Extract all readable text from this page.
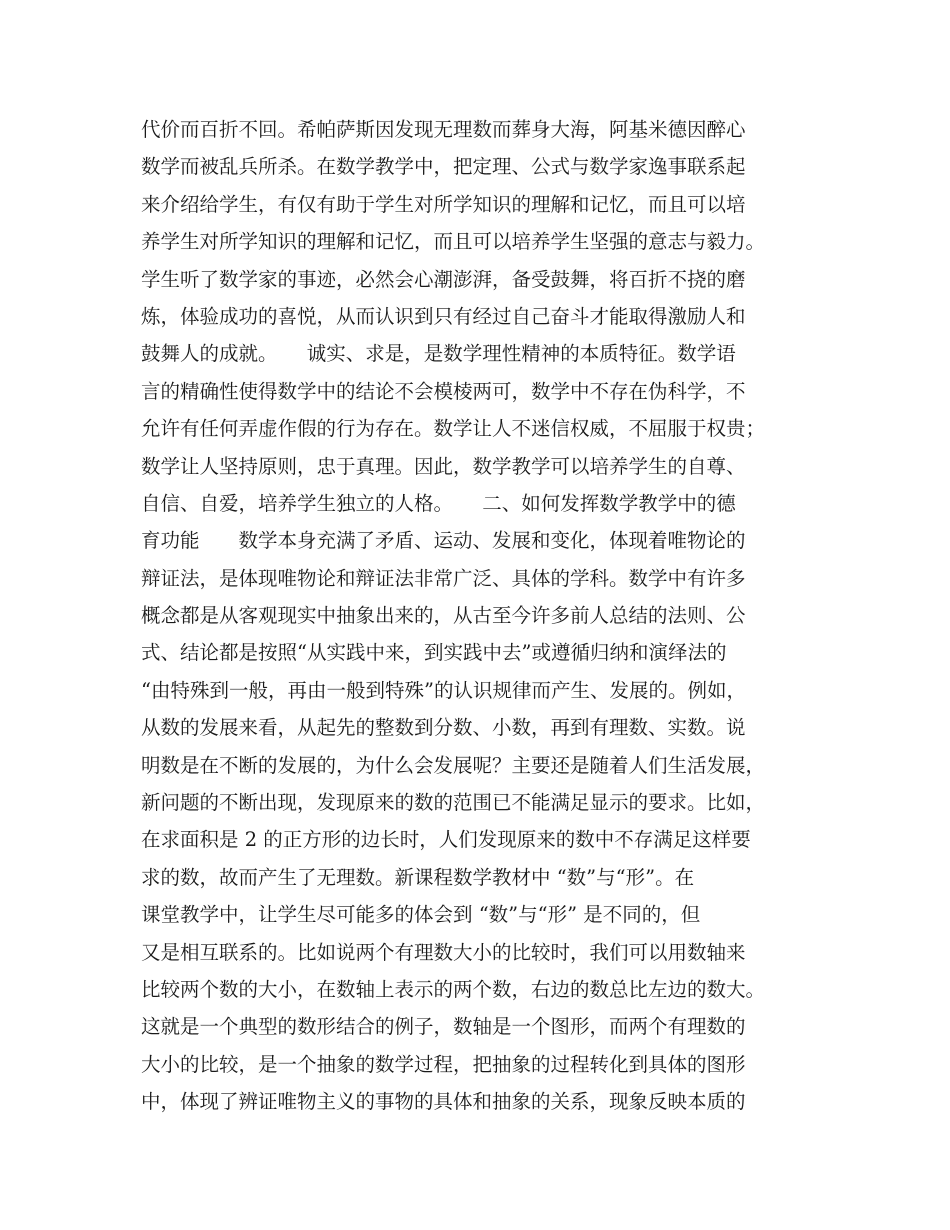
代价而百折不回。希帕萨斯因发现无理数而葬身大海，阿基米德因醉心
数学而被乱兵所杀。在数学教学中，把定理、公式与数学家逸事联系起
来介绍给学生，有仅有助于学生对所学知识的理解和记忆，而且可以培
养学生对所学知识的理解和记忆，而且可以培养学生坚强的意志与毅力。
学生听了数学家的事迹，必然会心潮澎湃，备受鼓舞，将百折不挠的磨
炼，体验成功的喜悦，从而认识到只有经过自己奋斗才能取得激励人和
鼓舞人的成就。　　诚实、求是，是数学理性精神的本质特征。数学语
言的精确性使得数学中的结论不会模棱两可，数学中不存在伪科学，不
允许有任何弄虚作假的行为存在。数学让人不迷信权威，不屈服于权贵；
数学让人坚持原则，忠于真理。因此，数学教学可以培养学生的自尊、
自信、自爱，培养学生独立的人格。　　二、如何发挥数学教学中的德
育功能　　数学本身充满了矛盾、运动、发展和变化，体现着唯物论的
辩证法，是体现唯物论和辩证法非常广泛、具体的学科。数学中有许多
概念都是从客观现实中抽象出来的，从古至今许多前人总结的法则、公
式、结论都是按照“从实践中来，到实践中去”或遵循归纳和演绎法的
“由特殊到一般，再由一般到特殊”的认识规律而产生、发展的。例如，
从数的发展来看，从起先的整数到分数、小数，再到有理数、实数。说
明数是在不断的发展的，为什么会发展呢？主要还是随着人们生活发展，
新问题的不断出现，发现原来的数的范围已不能满足显示的要求。比如，
在求面积是 2 的正方形的边长时，人们发现原来的数中不存满足这样要
求的数，故而产生了无理数。新课程数学教材中 “数”与“形”。在
课堂教学中，让学生尽可能多的体会到 “数”与“形” 是不同的，但
又是相互联系的。比如说两个有理数大小的比较时，我们可以用数轴来
比较两个数的大小，在数轴上表示的两个数，右边的数总比左边的数大。
这就是一个典型的数形结合的例子，数轴是一个图形，而两个有理数的
大小的比较，是一个抽象的数学过程，把抽象的过程转化到具体的图形
中，体现了辨证唯物主义的事物的具体和抽象的关系，现象反映本质的
